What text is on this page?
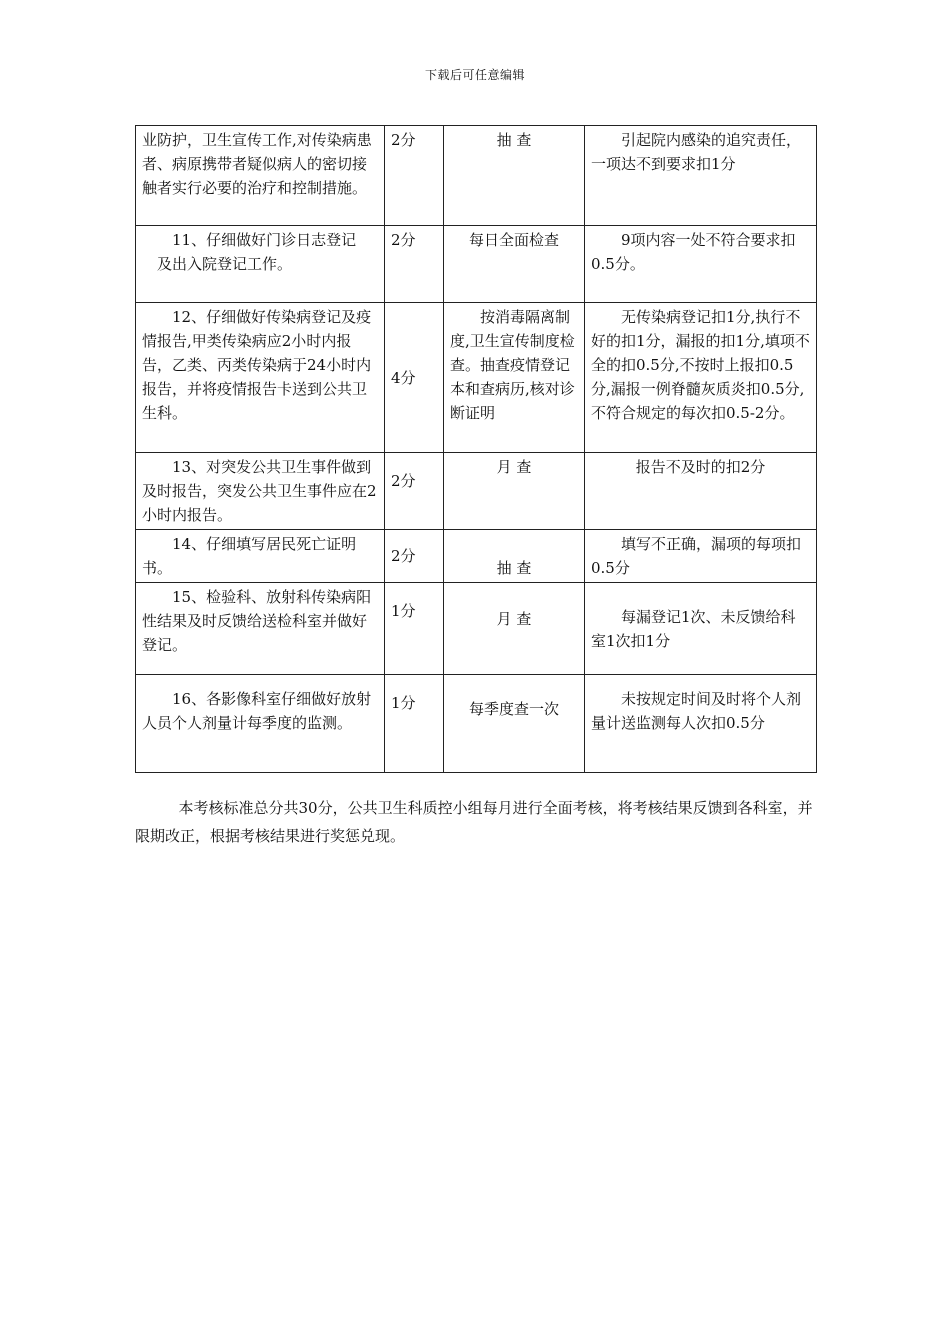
下载后可任意编辑
业防护，卫生宣传工作,对传染病患者、病原携带者疑似病人的密切接触者实行必要的治疗和控制措施。	2分	抽 查	引起院内感染的追究责任，一项达不到要求扣1分
11、仔细做好门诊日志登记
及出入院登记工作。	2分	每日全面检查	9项内容一处不符合要求扣0.5分。
12、仔细做好传染病登记及疫情报告,甲类传染病应2小时内报告，乙类、丙类传染病于24小时内报告，并将疫情报告卡送到公共卫生科。	4分	按消毒隔离制度,卫生宣传制度检查。抽查疫情登记本和查病历,核对诊断证明	无传染病登记扣1分,执行不好的扣1分，漏报的扣1分,填项不全的扣0.5分,不按时上报扣0.5分,漏报一例脊髓灰质炎扣0.5分,不符合规定的每次扣0.5-2分。
13、对突发公共卫生事件做到及时报告，突发公共卫生事件应在2小时内报告。	2分	月 查	报告不及时的扣2分
14、仔细填写居民死亡证明书。	2分	抽 查	填写不正确，漏项的每项扣0.5分
15、检验科、放射科传染病阳性结果及时反馈给送检科室并做好登记。	1分	月 查	每漏登记1次、未反馈给科室1次扣1分
16、各影像科室仔细做好放射人员个人剂量计每季度的监测。	1分	每季度查一次	未按规定时间及时将个人剂量计送监测每人次扣0.5分

本考核标准总分共30分，公共卫生科质控小组每月进行全面考核，将考核结果反馈到各科室，并限期改正，根据考核结果进行奖惩兑现。
